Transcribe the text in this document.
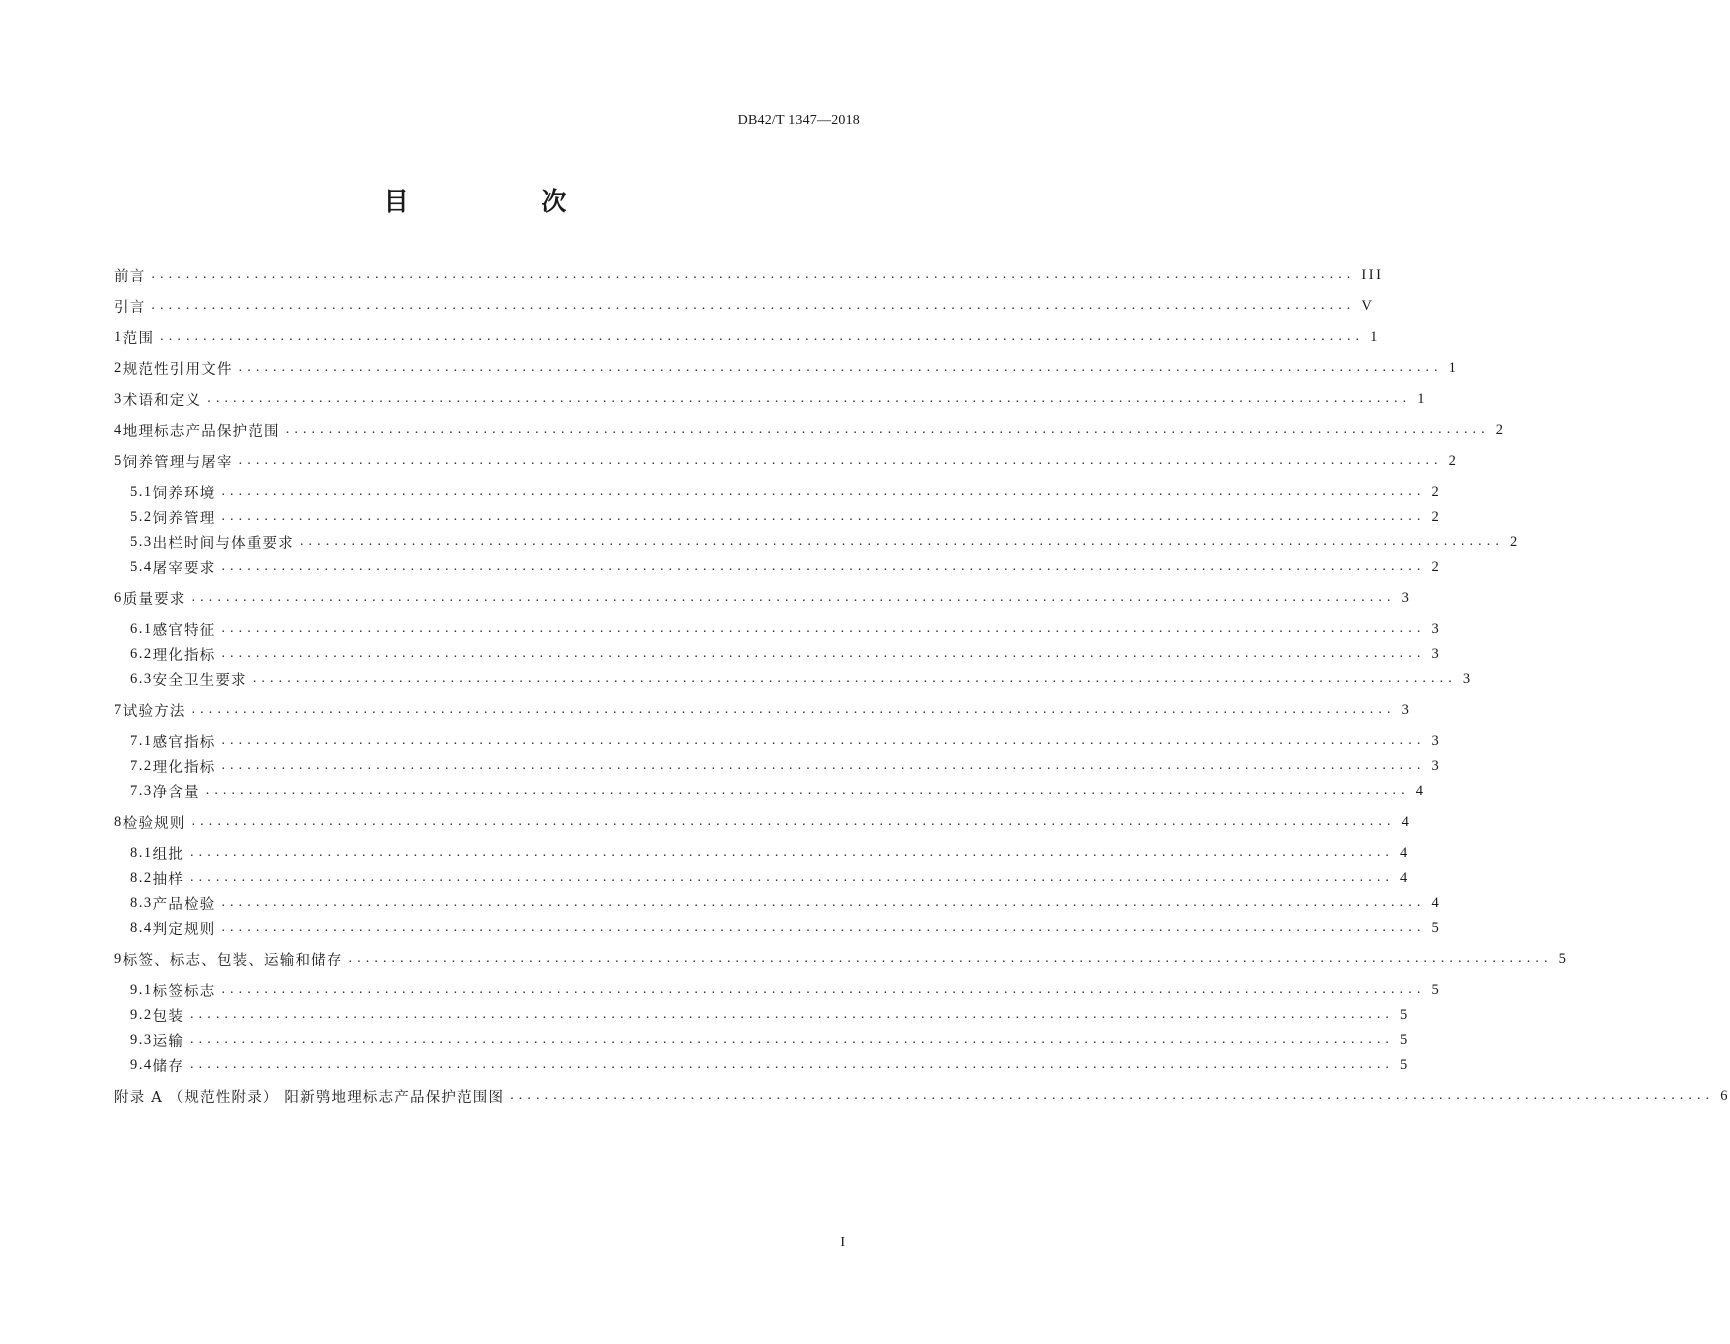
DB42/T 1347—2018
目 次
前言 ............................................................................................................................................ III
引言 ............................................................................................................................................ V
1 范围 ............................................................................................................................................ 1
2 规范性引用文件 ............................................................................................................................................ 1
3 术语和定义 ............................................................................................................................................ 1
4 地理标志产品保护范围 ............................................................................................................................................ 2
5 饲养管理与屠宰 ............................................................................................................................................ 2
5.1 饲养环境 ............................................................................................................................................ 2
5.2 饲养管理 ............................................................................................................................................ 2
5.3 出栏时间与体重要求 ............................................................................................................................................ 2
5.4 屠宰要求 ............................................................................................................................................ 2
6 质量要求 ............................................................................................................................................ 3
6.1 感官特征 ............................................................................................................................................ 3
6.2 理化指标 ............................................................................................................................................ 3
6.3 安全卫生要求 ............................................................................................................................................ 3
7 试验方法 ............................................................................................................................................ 3
7.1 感官指标 ............................................................................................................................................ 3
7.2 理化指标 ............................................................................................................................................ 3
7.3 净含量 ............................................................................................................................................ 4
8 检验规则 ............................................................................................................................................ 4
8.1 组批 ............................................................................................................................................ 4
8.2 抽样 ............................................................................................................................................ 4
8.3 产品检验 ............................................................................................................................................ 4
8.4 判定规则 ............................................................................................................................................ 5
9 标签、标志、包装、运输和储存 ............................................................................................................................................ 5
9.1 标签标志 ............................................................................................................................................ 5
9.2 包装 ............................................................................................................................................ 5
9.3 运输 ............................................................................................................................................ 5
9.4 储存 ............................................................................................................................................ 5
附录 A （规范性附录） 阳新鸮地理标志产品保护范围图 ............................................................................................................................................ 6
I
